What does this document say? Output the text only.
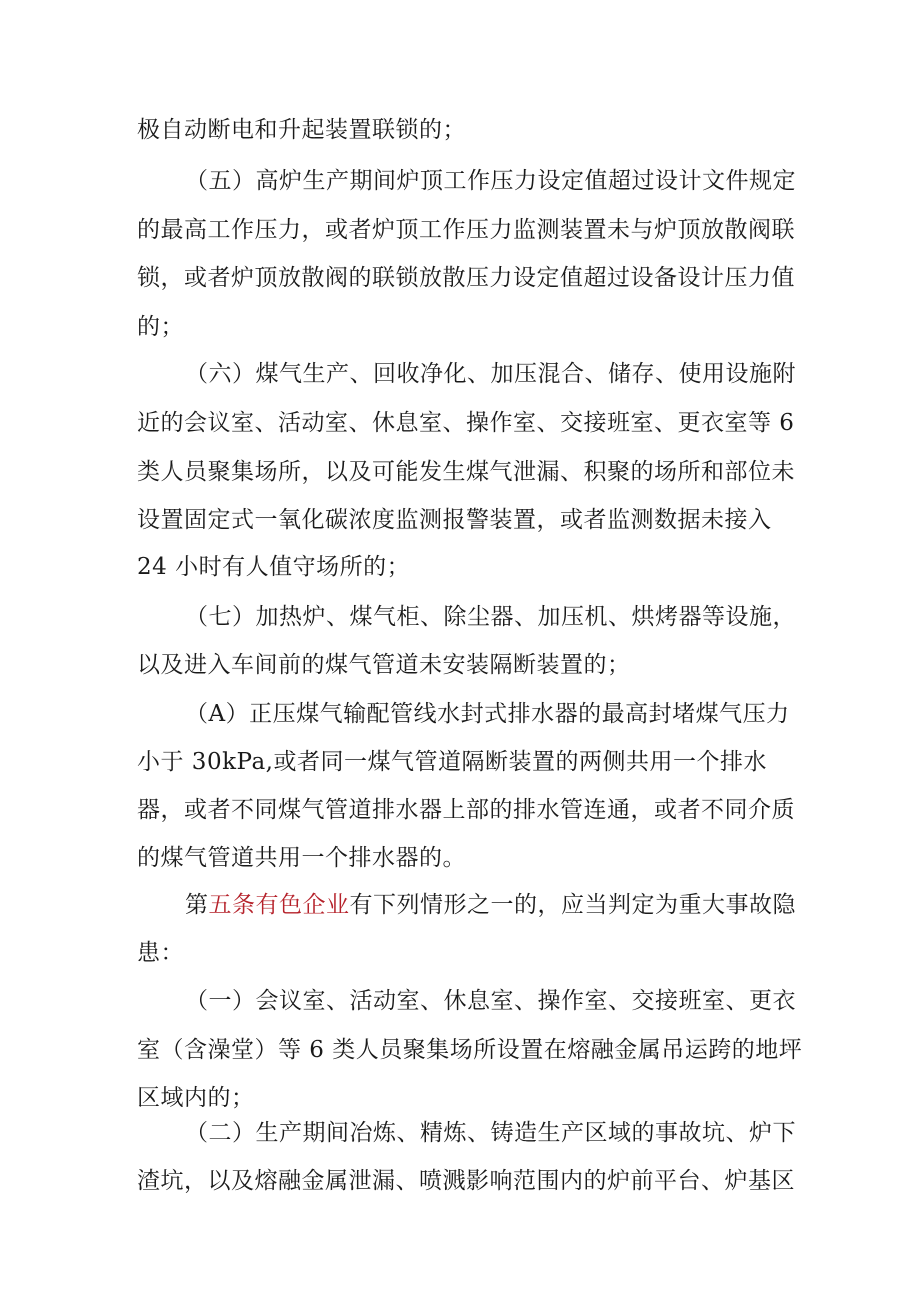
极自动断电和升起装置联锁的；
（五）高炉生产期间炉顶工作压力设定值超过设计文件规定
的最高工作压力，或者炉顶工作压力监测装置未与炉顶放散阀联
锁，或者炉顶放散阀的联锁放散压力设定值超过设备设计压力值
的；
（六）煤气生产、回收净化、加压混合、储存、使用设施附
近的会议室、活动室、休息室、操作室、交接班室、更衣室等 6
类人员聚集场所，以及可能发生煤气泄漏、积聚的场所和部位未
设置固定式一氧化碳浓度监测报警装置，或者监测数据未接入
24 小时有人值守场所的；
（七）加热炉、煤气柜、除尘器、加压机、烘烤器等设施，
以及进入车间前的煤气管道未安装隔断装置的；
（A）正压煤气输配管线水封式排水器的最高封堵煤气压力
小于 30kPa,或者同一煤气管道隔断装置的两侧共用一个排水
器，或者不同煤气管道排水器上部的排水管连通，或者不同介质
的煤气管道共用一个排水器的。
第五条有色企业有下列情形之一的，应当判定为重大事故隐
患：
（一）会议室、活动室、休息室、操作室、交接班室、更衣
室（含澡堂）等 6 类人员聚集场所设置在熔融金属吊运跨的地坪
区域内的；
（二）生产期间冶炼、精炼、铸造生产区域的事故坑、炉下
渣坑，以及熔融金属泄漏、喷溅影响范围内的炉前平台、炉基区
